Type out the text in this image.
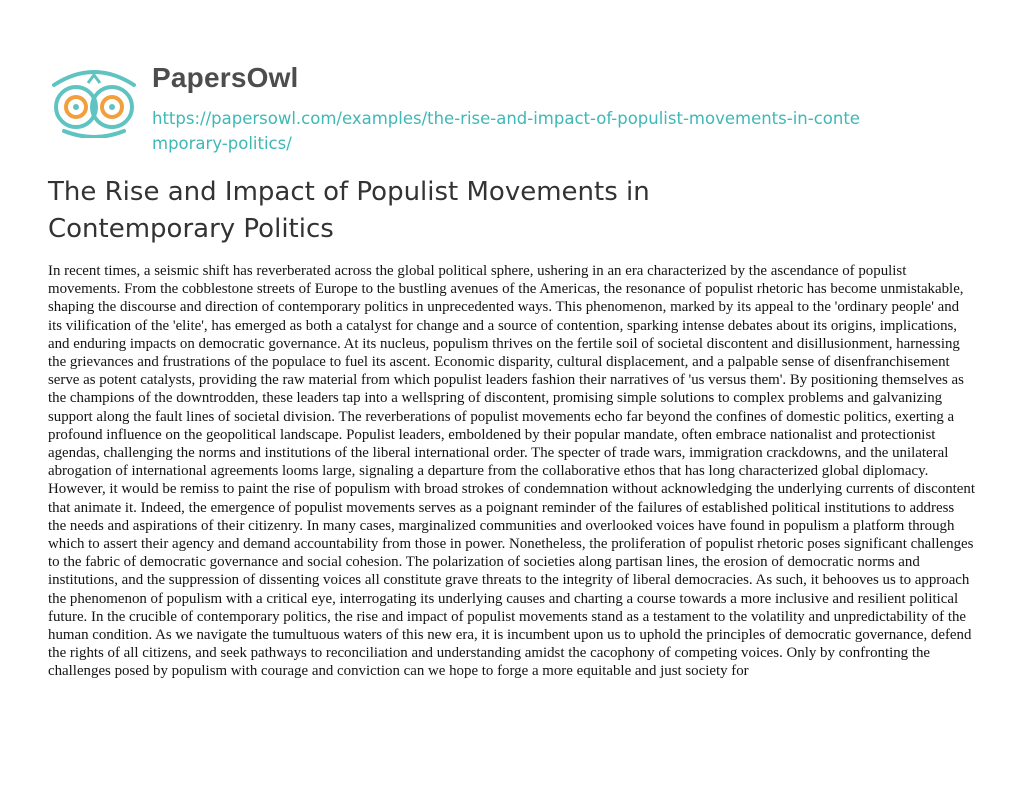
PapersOwl
https://papersowl.com/examples/the-rise-and-impact-of-populist-movements-in-contemporary-politics/
The Rise and Impact of Populist Movements in Contemporary Politics

In recent times, a seismic shift has reverberated across the global political sphere, ushering in an era characterized by the ascendance of populist movements. From the cobblestone streets of Europe to the bustling avenues of the Americas, the resonance of populist rhetoric has become unmistakable, shaping the discourse and direction of contemporary politics in unprecedented ways. This phenomenon, marked by its appeal to the 'ordinary people' and its vilification of the 'elite', has emerged as both a catalyst for change and a source of contention, sparking intense debates about its origins, implications, and enduring impacts on democratic governance. At its nucleus, populism thrives on the fertile soil of societal discontent and disillusionment, harnessing the grievances and frustrations of the populace to fuel its ascent. Economic disparity, cultural displacement, and a palpable sense of disenfranchisement serve as potent catalysts, providing the raw material from which populist leaders fashion their narratives of 'us versus them'. By positioning themselves as the champions of the downtrodden, these leaders tap into a wellspring of discontent, promising simple solutions to complex problems and galvanizing support along the fault lines of societal division. The reverberations of populist movements echo far beyond the confines of domestic politics, exerting a profound influence on the geopolitical landscape. Populist leaders, emboldened by their popular mandate, often embrace nationalist and protectionist agendas, challenging the norms and institutions of the liberal international order. The specter of trade wars, immigration crackdowns, and the unilateral abrogation of international agreements looms large, signaling a departure from the collaborative ethos that has long characterized global diplomacy. However, it would be remiss to paint the rise of populism with broad strokes of condemnation without acknowledging the underlying currents of discontent that animate it. Indeed, the emergence of populist movements serves as a poignant reminder of the failures of established political institutions to address the needs and aspirations of their citizenry. In many cases, marginalized communities and overlooked voices have found in populism a platform through which to assert their agency and demand accountability from those in power. Nonetheless, the proliferation of populist rhetoric poses significant challenges to the fabric of democratic governance and social cohesion. The polarization of societies along partisan lines, the erosion of democratic norms and institutions, and the suppression of dissenting voices all constitute grave threats to the integrity of liberal democracies. As such, it behooves us to approach the phenomenon of populism with a critical eye, interrogating its underlying causes and charting a course towards a more inclusive and resilient political future. In the crucible of contemporary politics, the rise and impact of populist movements stand as a testament to the volatility and unpredictability of the human condition. As we navigate the tumultuous waters of this new era, it is incumbent upon us to uphold the principles of democratic governance, defend the rights of all citizens, and seek pathways to reconciliation and understanding amidst the cacophony of competing voices. Only by confronting the challenges posed by populism with courage and conviction can we hope to forge a more equitable and just society for
